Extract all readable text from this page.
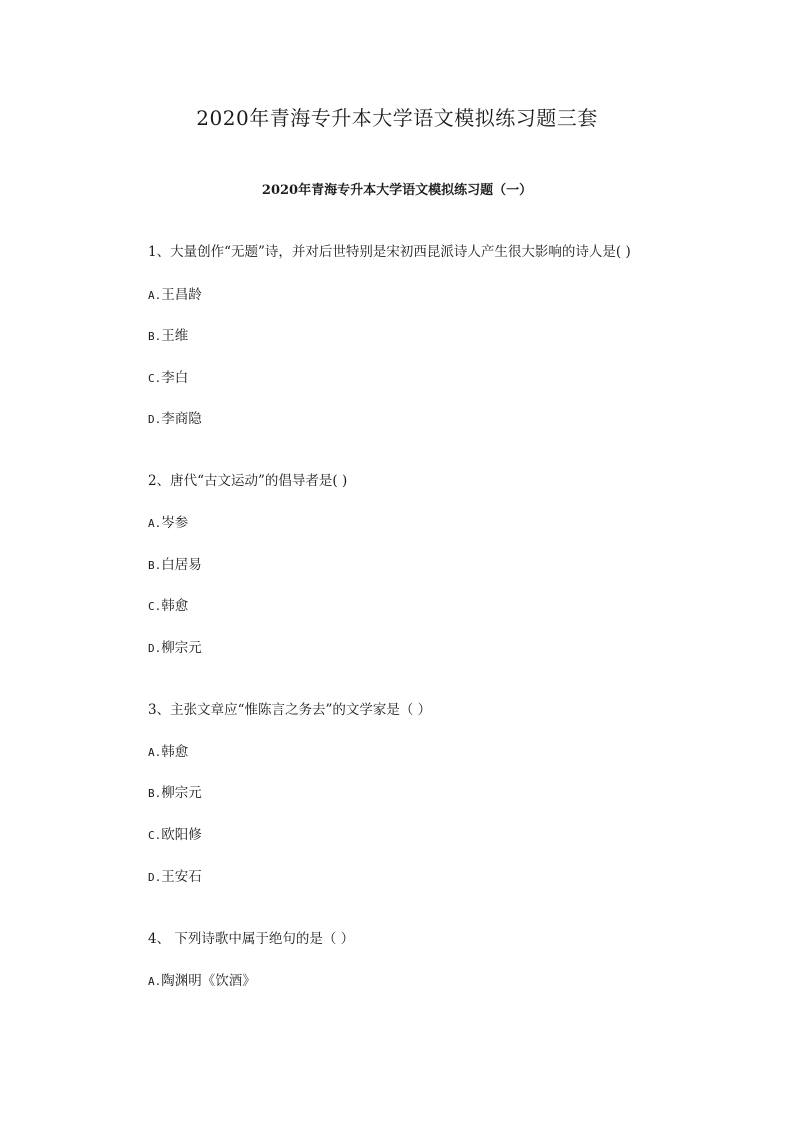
2020年青海专升本大学语文模拟练习题三套
2020年青海专升本大学语文模拟练习题（一）
1、大量创作“无题”诗，并对后世特别是宋初西昆派诗人产生很大影响的诗人是( )
A.王昌龄
B.王维
C.李白
D.李商隐
2、唐代“古文运动”的倡导者是( )
A.岑参
B.白居易
C.韩愈
D.柳宗元
3、主张文章应“惟陈言之务去”的文学家是（ ）
A.韩愈
B.柳宗元
C.欧阳修
D.王安石
4、 下列诗歌中属于绝句的是（ ）
A.陶渊明《饮酒》
